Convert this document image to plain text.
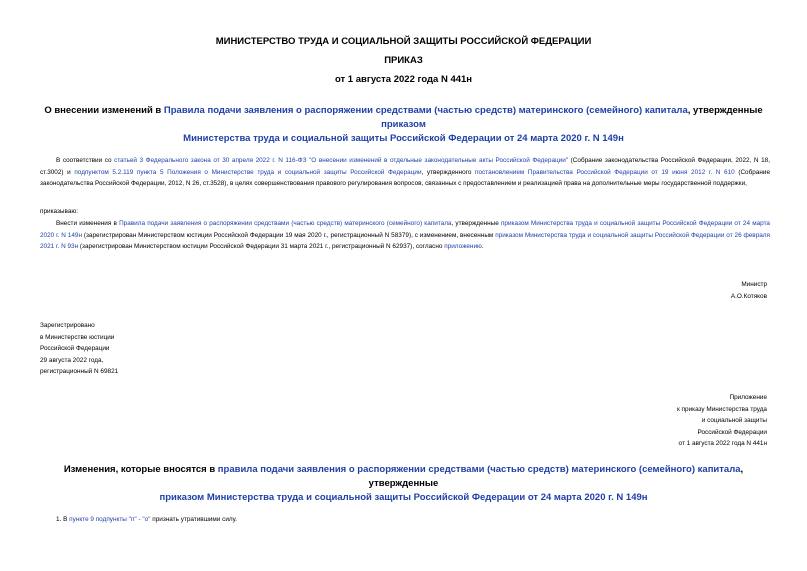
МИНИСТЕРСТВО ТРУДА И СОЦИАЛЬНОЙ ЗАЩИТЫ РОССИЙСКОЙ ФЕДЕРАЦИИ
ПРИКАЗ
от 1 августа 2022 года N 441н
О внесении изменений в Правила подачи заявления о распоряжении средствами (частью средств) материнского (семейного) капитала, утвержденные приказом
Министерства труда и социальной защиты Российской Федерации от 24 марта 2020 г. N 149н
В соответствии со статьей 3 Федерального закона от 30 апреля 2022 г. N 116-ФЗ "О внесении изменений в отдельные законодательные акты Российской Федерации" (Собрание законодательства Российской Федерации, 2022, N 18, ст.3002) и подпунктом 5.2.119 пункта 5 Положения о Министерстве труда и социальной защиты Российской Федерации, утвержденного постановлением Правительства Российской Федерации от 19 июня 2012 г. N 610 (Собрание законодательства Российской Федерации, 2012, N 26, ст.3528), в целях совершенствования правового регулирования вопросов, связанных с предоставлением и реализацией права на дополнительные меры государственной поддержки,
приказываю:
Внести изменения в Правила подачи заявления о распоряжении средствами (частью средств) материнского (семейного) капитала, утвержденные приказом Министерства труда и социальной защиты Российской Федерации от 24 марта 2020 г. N 149н (зарегистрирован Министерством юстиции Российской Федерации 19 мая 2020 г., регистрационный N 58379), с изменением, внесенным приказом Министерства труда и социальной защиты Российской Федерации от 26 февраля 2021 г. N 93н (зарегистрирован Министерством юстиции Российской Федерации 31 марта 2021 г., регистрационный N 62937), согласно приложению.
Министр
А.О.Котяков
Зарегистрировано
в Министерстве юстиции
Российской Федерации
29 августа 2022 года,
регистрационный N 69821
Приложение
к приказу Министерства труда
и социальной защиты
Российской Федерации
от 1 августа 2022 года N 441н
Изменения, которые вносятся в правила подачи заявления о распоряжении средствами (частью средств) материнского (семейного) капитала, утвержденные
приказом Министерства труда и социальной защиты Российской Федерации от 24 марта 2020 г. N 149н
1. В пункте 9 подпункты "п" - "о" признать утратившими силу.
